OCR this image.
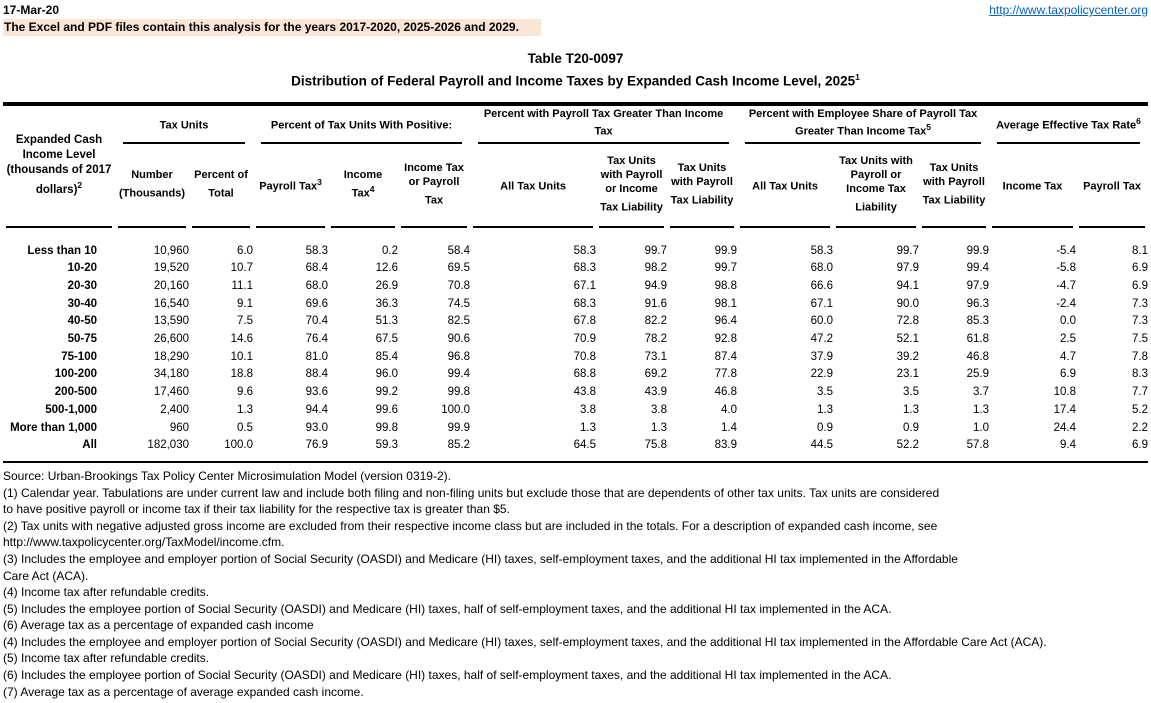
17-Mar-20
The Excel and PDF files contain this analysis for the years 2017-2020, 2025-2026 and 2029.
http://www.taxpolicycenter.org
Table T20-0097
Distribution of Federal Payroll and Income Taxes by Expanded Cash Income Level, 2025$^1$
Expanded Cash Income Level (thousands of 2017 dollars)$^2$	Tax Units		Percent of Tax Units With Positive:			Percent with Payroll Tax Greater Than Income Tax			Percent with Employee Share of Payroll Tax Greater Than Income Tax$^5$			Average Effective Tax Rate$^6$

	Number (Thousands)	Percent of Total	Payroll Tax$^3$	Income Tax$^4$	Income Tax or Payroll Tax	All Tax Units	Tax Units with Payroll or Income Tax Liability	Tax Units with Payroll Tax Liability	All Tax Units	Tax Units with Payroll or Income Tax Liability	Tax Units with Payroll Tax Liability	Income Tax	Payroll Tax

Less than 10	10,960	6.0	58.3	0.2	58.4	58.3	99.7	99.9	58.3	99.7	99.9	-5.4	8.1
10-20	19,520	10.7	68.4	12.6	69.5	68.3	98.2	99.7	68.0	97.9	99.4	-5.8	6.9
20-30	20,160	11.1	68.0	26.9	70.8	67.1	94.9	98.8	66.6	94.1	97.9	-4.7	6.9
30-40	16,540	9.1	69.6	36.3	74.5	68.3	91.6	98.1	67.1	90.0	96.3	-2.4	7.3
40-50	13,590	7.5	70.4	51.3	82.5	67.8	82.2	96.4	60.0	72.8	85.3	0.0	7.3
50-75	26,600	14.6	76.4	67.5	90.6	70.9	78.2	92.8	47.2	52.1	61.8	2.5	7.5
75-100	18,290	10.1	81.0	85.4	96.8	70.8	73.1	87.4	37.9	39.2	46.8	4.7	7.8
100-200	34,180	18.8	88.4	96.0	99.4	68.8	69.2	77.8	22.9	23.1	25.9	6.9	8.3
200-500	17,460	9.6	93.6	99.2	99.8	43.8	43.9	46.8	3.5	3.5	3.7	10.8	7.7
500-1,000	2,400	1.3	94.4	99.6	100.0	3.8	3.8	4.0	1.3	1.3	1.3	17.4	5.2
More than 1,000	960	0.5	93.0	99.8	99.9	1.3	1.3	1.4	0.9	0.9	1.0	24.4	2.2
All	182,030	100.0	76.9	59.3	85.2	64.5	75.8	83.9	44.5	52.2	57.8	9.4	6.9
Source: Urban-Brookings Tax Policy Center Microsimulation Model (version 0319-2).
(1) Calendar year. Tabulations are under current law and include both filing and non-filing units but exclude those that are dependents of other tax units. Tax units are considered
to have positive payroll or income tax if their tax liability for the respective tax is greater than $5.
(2) Tax units with negative adjusted gross income are excluded from their respective income class but are included in the totals. For a description of expanded cash income, see
http://www.taxpolicycenter.org/TaxModel/income.cfm.
(3) Includes the employee and employer portion of Social Security (OASDI) and Medicare (HI) taxes, self-employment taxes, and the additional HI tax implemented in the Affordable
Care Act (ACA).
(4) Income tax after refundable credits.
(5) Includes the employee portion of Social Security (OASDI) and Medicare (HI) taxes, half of self-employment taxes, and the additional HI tax implemented in the ACA.
(6) Average tax as a percentage of expanded cash income
(4) Includes the employee and employer portion of Social Security (OASDI) and Medicare (HI) taxes, self-employment taxes, and the additional HI tax implemented in the Affordable Care Act (ACA).
(5) Income tax after refundable credits.
(6) Includes the employee portion of Social Security (OASDI) and Medicare (HI) taxes, half of self-employment taxes, and the additional HI tax implemented in the ACA.
(7) Average tax as a percentage of average expanded cash income.
